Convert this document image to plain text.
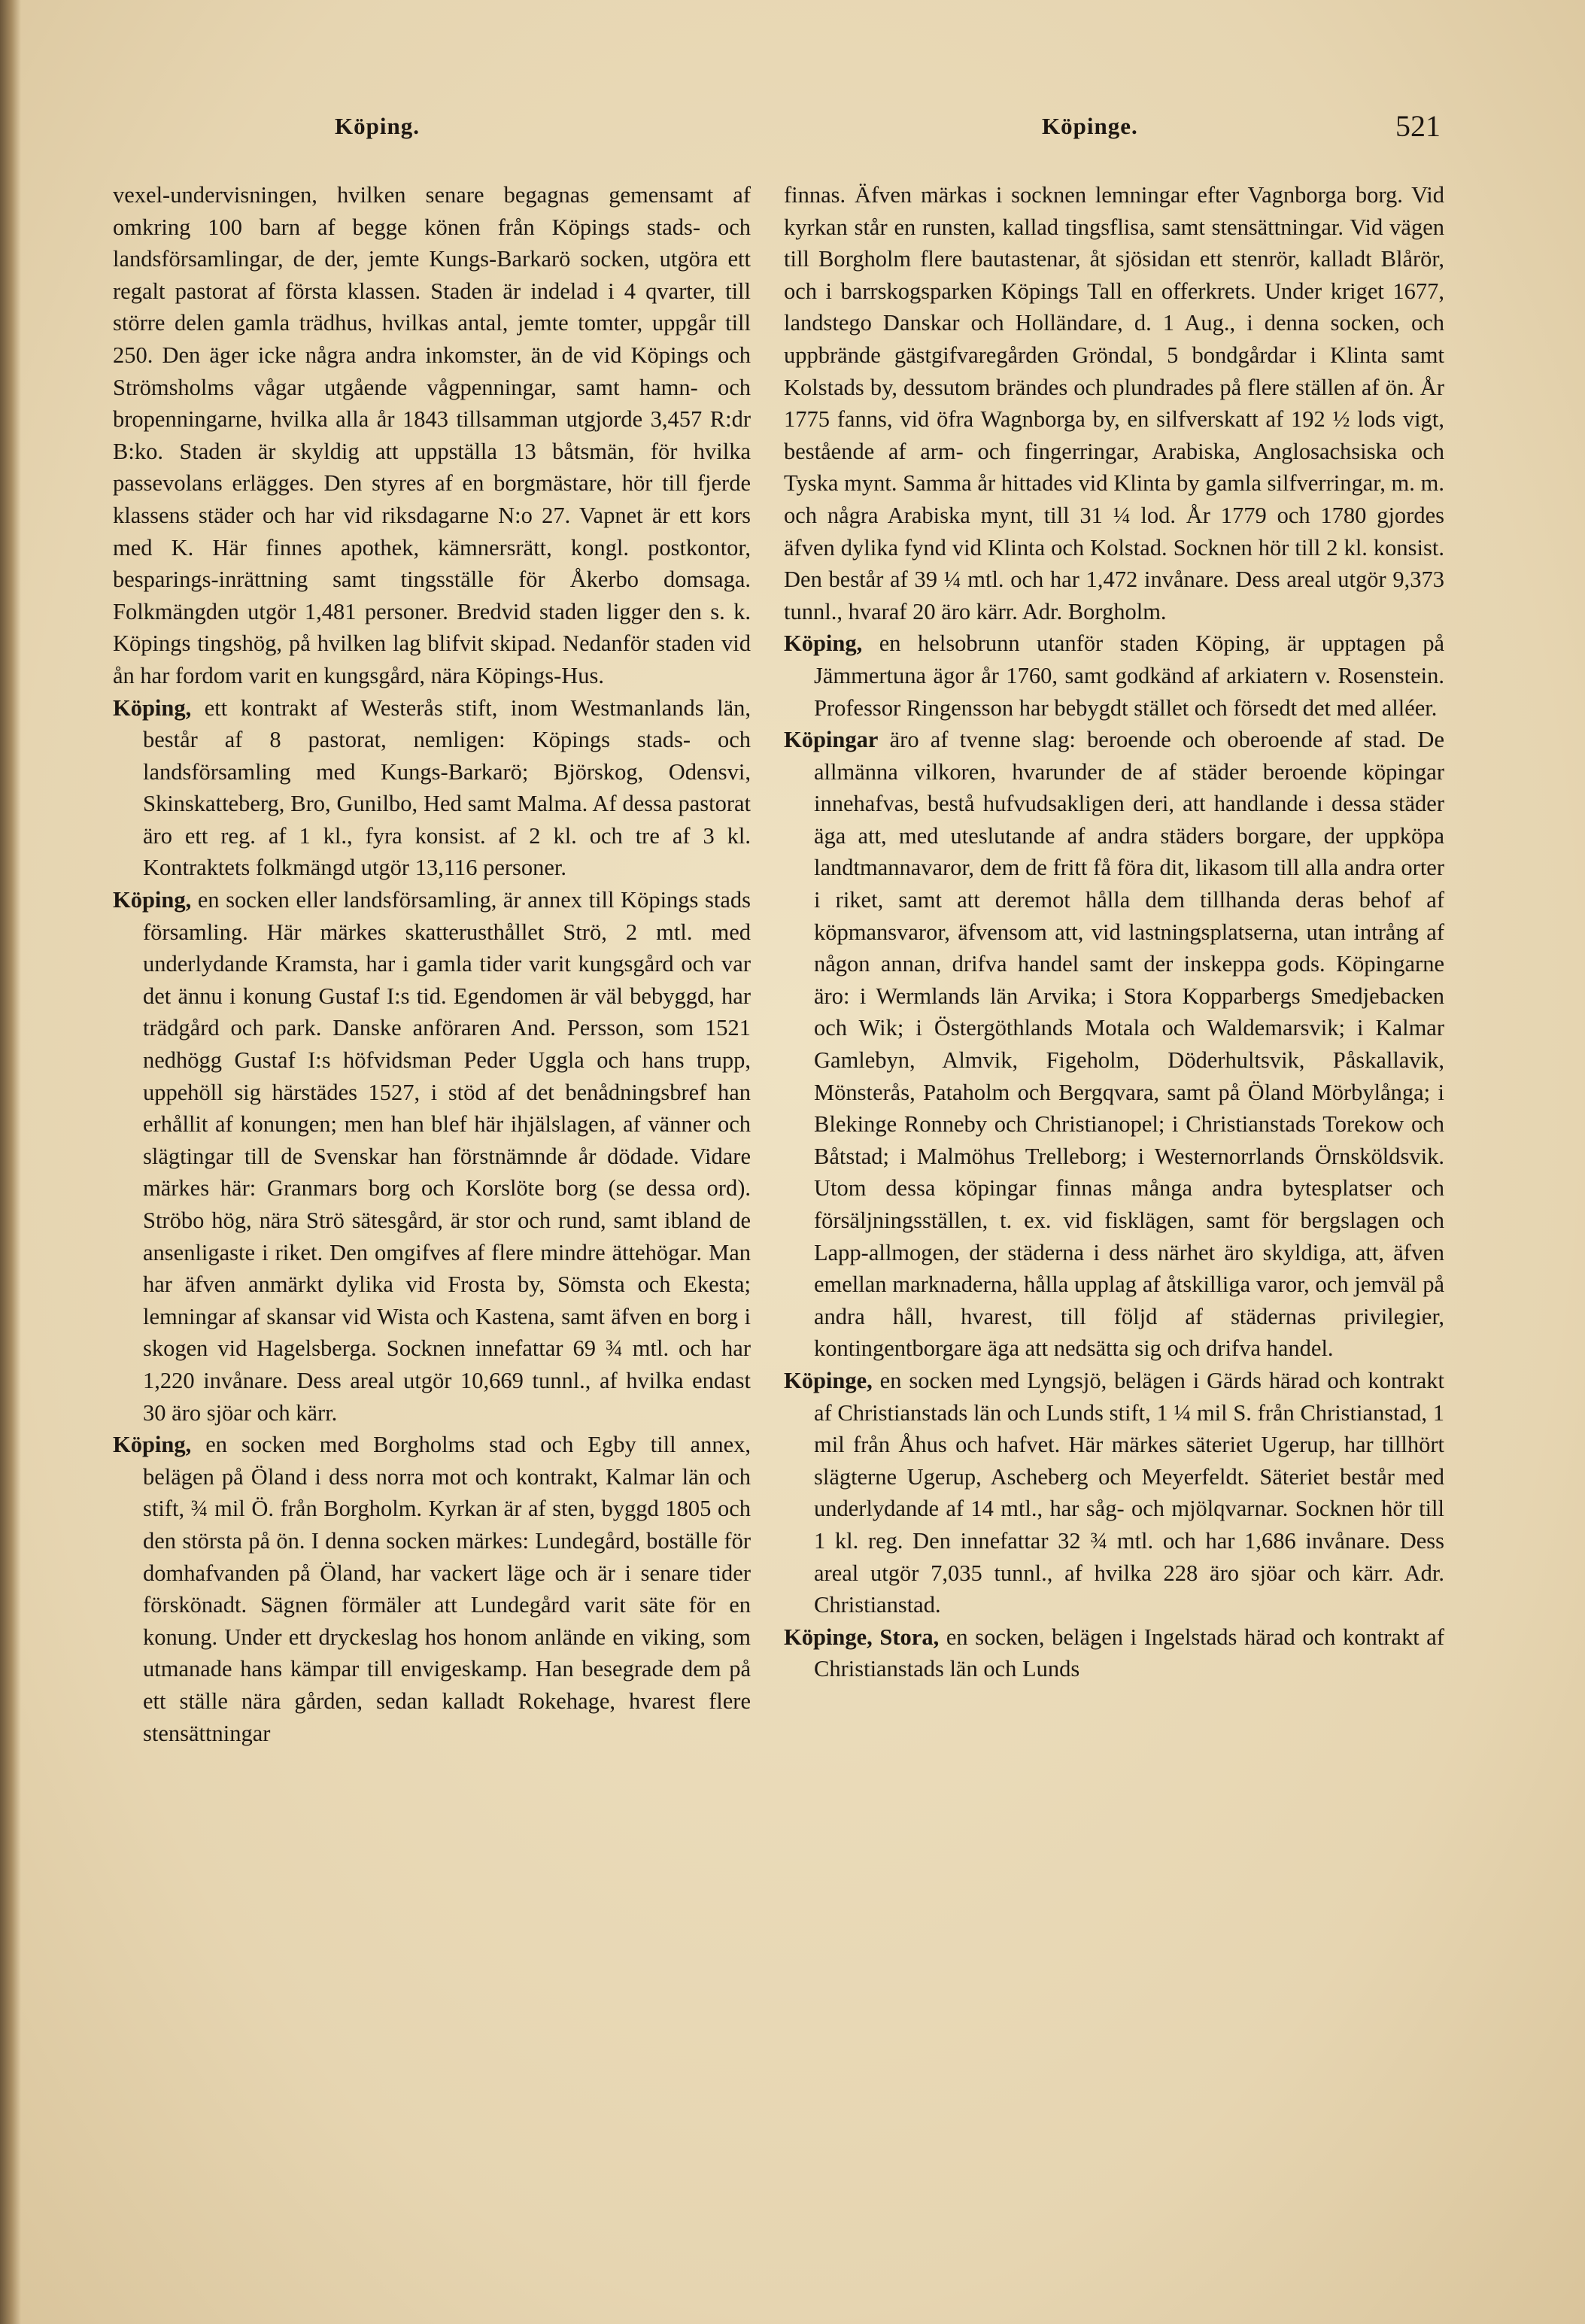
Köping.	Köpinge.	521

vexel-undervisningen, hvilken senare begagnas gemensamt af omkring 100 barn af begge könen från Köpings stads- och landsförsamlingar, de der, jemte Kungs-Barkarö socken, utgöra ett regalt pastorat af första klassen. Staden är indelad i 4 qvarter, till större delen gamla trädhus, hvilkas antal, jemte tomter, uppgår till 250. Den äger icke några andra inkomster, än de vid Köpings och Strömsholms vågar utgående vågpenningar, samt hamn- och bropenningarne, hvilka alla år 1843 tillsamman utgjorde 3,457 R:dr B:ko. Staden är skyldig att uppställa 13 båtsmän, för hvilka passevolans erlägges. Den styres af en borgmästare, hör till fjerde klassens städer och har vid riksdagarne N:o 27. Vapnet är ett kors med K. Här finnes apothek, kämnersrätt, kongl. postkontor, besparings-inrättning samt tingsställe för Åkerbo domsaga. Folkmängden utgör 1,481 personer. Bredvid staden ligger den s. k. Köpings tingshög, på hvilken lag blifvit skipad. Nedanför staden vid ån har fordom varit en kungsgård, nära Köpings-Hus.

Köping, ett kontrakt af Westerås stift, inom Westmanlands län, består af 8 pastorat, nemligen: Köpings stads- och landsförsamling med Kungs-Barkarö; Björskog, Odensvi, Skinskatteberg, Bro, Gunilbo, Hed samt Malma. Af dessa pastorat äro ett reg. af 1 kl., fyra konsist. af 2 kl. och tre af 3 kl. Kontraktets folkmängd utgör 13,116 personer.

Köping, en socken eller landsförsamling, är annex till Köpings stads församling. Här märkes skatterusthållet Strö, 2 mtl. med underlydande Kramsta, har i gamla tider varit kungsgård och var det ännu i konung Gustaf I:s tid. Egendomen är väl bebyggd, har trädgård och park. Danske anföraren And. Persson, som 1521 nedhögg Gustaf I:s höfvidsman Peder Uggla och hans trupp, uppehöll sig härstädes 1527, i stöd af det benådningsbref han erhållit af konungen; men han blef här ihjälslagen, af vänner och slägtingar till de Svenskar han förstnämnde år dödade. Vidare märkes här: Granmars borg och Korslöte borg (se dessa ord). Ströbo hög, nära Strö sätesgård, är stor och rund, samt ibland de ansenligaste i riket. Den omgifves af flere mindre ättehögar. Man har äfven anmärkt dylika vid Frosta by, Sömsta och Ekesta; lemningar af skansar vid Wista och Kastena, samt äfven en borg i skogen vid Hagelsberga. Socknen innefattar 69 ¾ mtl. och har 1,220 invånare. Dess areal utgör 10,669 tunnl., af hvilka endast 30 äro sjöar och kärr.

Köping, en socken med Borgholms stad och Egby till annex, belägen på Öland i dess norra mot och kontrakt, Kalmar län och stift, ¾ mil Ö. från Borgholm. Kyrkan är af sten, byggd 1805 och den största på ön. I denna socken märkes: Lundegård, boställe för domhafvanden på Öland, har vackert läge och är i senare tider förskönadt. Sägnen förmäler att Lundegård varit säte för en konung. Under ett dryckeslag hos honom anlände en viking, som utmanade hans kämpar till envigeskamp. Han besegrade dem på ett ställe nära gården, sedan kalladt Rokehage, hvarest flere stensättningar

finnas. Äfven märkas i socknen lemningar efter Vagnborga borg. Vid kyrkan står en runsten, kallad tingsflisa, samt stensättningar. Vid vägen till Borgholm flere bautastenar, åt sjösidan ett stenrör, kalladt Blårör, och i barrskogsparken Köpings Tall en offerkrets. Under kriget 1677, landstego Danskar och Holländare, d. 1 Aug., i denna socken, och uppbrände gästgifvaregården Gröndal, 5 bondgårdar i Klinta samt Kolstads by, dessutom brändes och plundrades på flere ställen af ön. År 1775 fanns, vid öfra Wagnborga by, en silfverskatt af 192 ½ lods vigt, bestående af arm- och fingerringar, Arabiska, Anglosachsiska och Tyska mynt. Samma år hittades vid Klinta by gamla silfverringar, m. m. och några Arabiska mynt, till 31 ¼ lod. År 1779 och 1780 gjordes äfven dylika fynd vid Klinta och Kolstad. Socknen hör till 2 kl. konsist. Den består af 39 ¼ mtl. och har 1,472 invånare. Dess areal utgör 9,373 tunnl., hvaraf 20 äro kärr. Adr. Borgholm.

Köping, en helsobrunn utanför staden Köping, är upptagen på Jämmertuna ägor år 1760, samt godkänd af arkiatern v. Rosenstein. Professor Ringensson har bebygdt stället och försedt det med alléer.

Köpingar äro af tvenne slag: beroende och oberoende af stad. De allmänna vilkoren, hvarunder de af städer beroende köpingar innehafvas, bestå hufvudsakligen deri, att handlande i dessa städer äga att, med uteslutande af andra städers borgare, der uppköpa landtmannavaror, dem de fritt få föra dit, likasom till alla andra orter i riket, samt att deremot hålla dem tillhanda deras behof af köpmansvaror, äfvensom att, vid lastningsplatserna, utan intrång af någon annan, drifva handel samt der inskeppa gods. Köpingarne äro: i Wermlands län Arvika; i Stora Kopparbergs Smedjebacken och Wik; i Östergöthlands Motala och Waldemarsvik; i Kalmar Gamlebyn, Almvik, Figeholm, Döderhultsvik, Påskallavik, Mönsterås, Pataholm och Bergqvara, samt på Öland Mörbylånga; i Blekinge Ronneby och Christianopel; i Christianstads Torekow och Båtstad; i Malmöhus Trelleborg; i Westernorrlands Örnsköldsvik. Utom dessa köpingar finnas många andra bytesplatser och försäljningsställen, t. ex. vid fisklägen, samt för bergslagen och Lapp-allmogen, der städerna i dess närhet äro skyldiga, att, äfven emellan marknaderna, hålla upplag af åtskilliga varor, och jemväl på andra håll, hvarest, till följd af städernas privilegier, kontingentborgare äga att nedsätta sig och drifva handel.

Köpinge, en socken med Lyngsjö, belägen i Gärds härad och kontrakt af Christianstads län och Lunds stift, 1 ¼ mil S. från Christianstad, 1 mil från Åhus och hafvet. Här märkes säteriet Ugerup, har tillhört slägterne Ugerup, Ascheberg och Meyerfeldt. Säteriet består med underlydande af 14 mtl., har såg- och mjölqvarnar. Socknen hör till 1 kl. reg. Den innefattar 32 ¾ mtl. och har 1,686 invånare. Dess areal utgör 7,035 tunnl., af hvilka 228 äro sjöar och kärr. Adr. Christianstad.

Köpinge, Stora, en socken, belägen i Ingelstads härad och kontrakt af Christianstads län och Lunds
